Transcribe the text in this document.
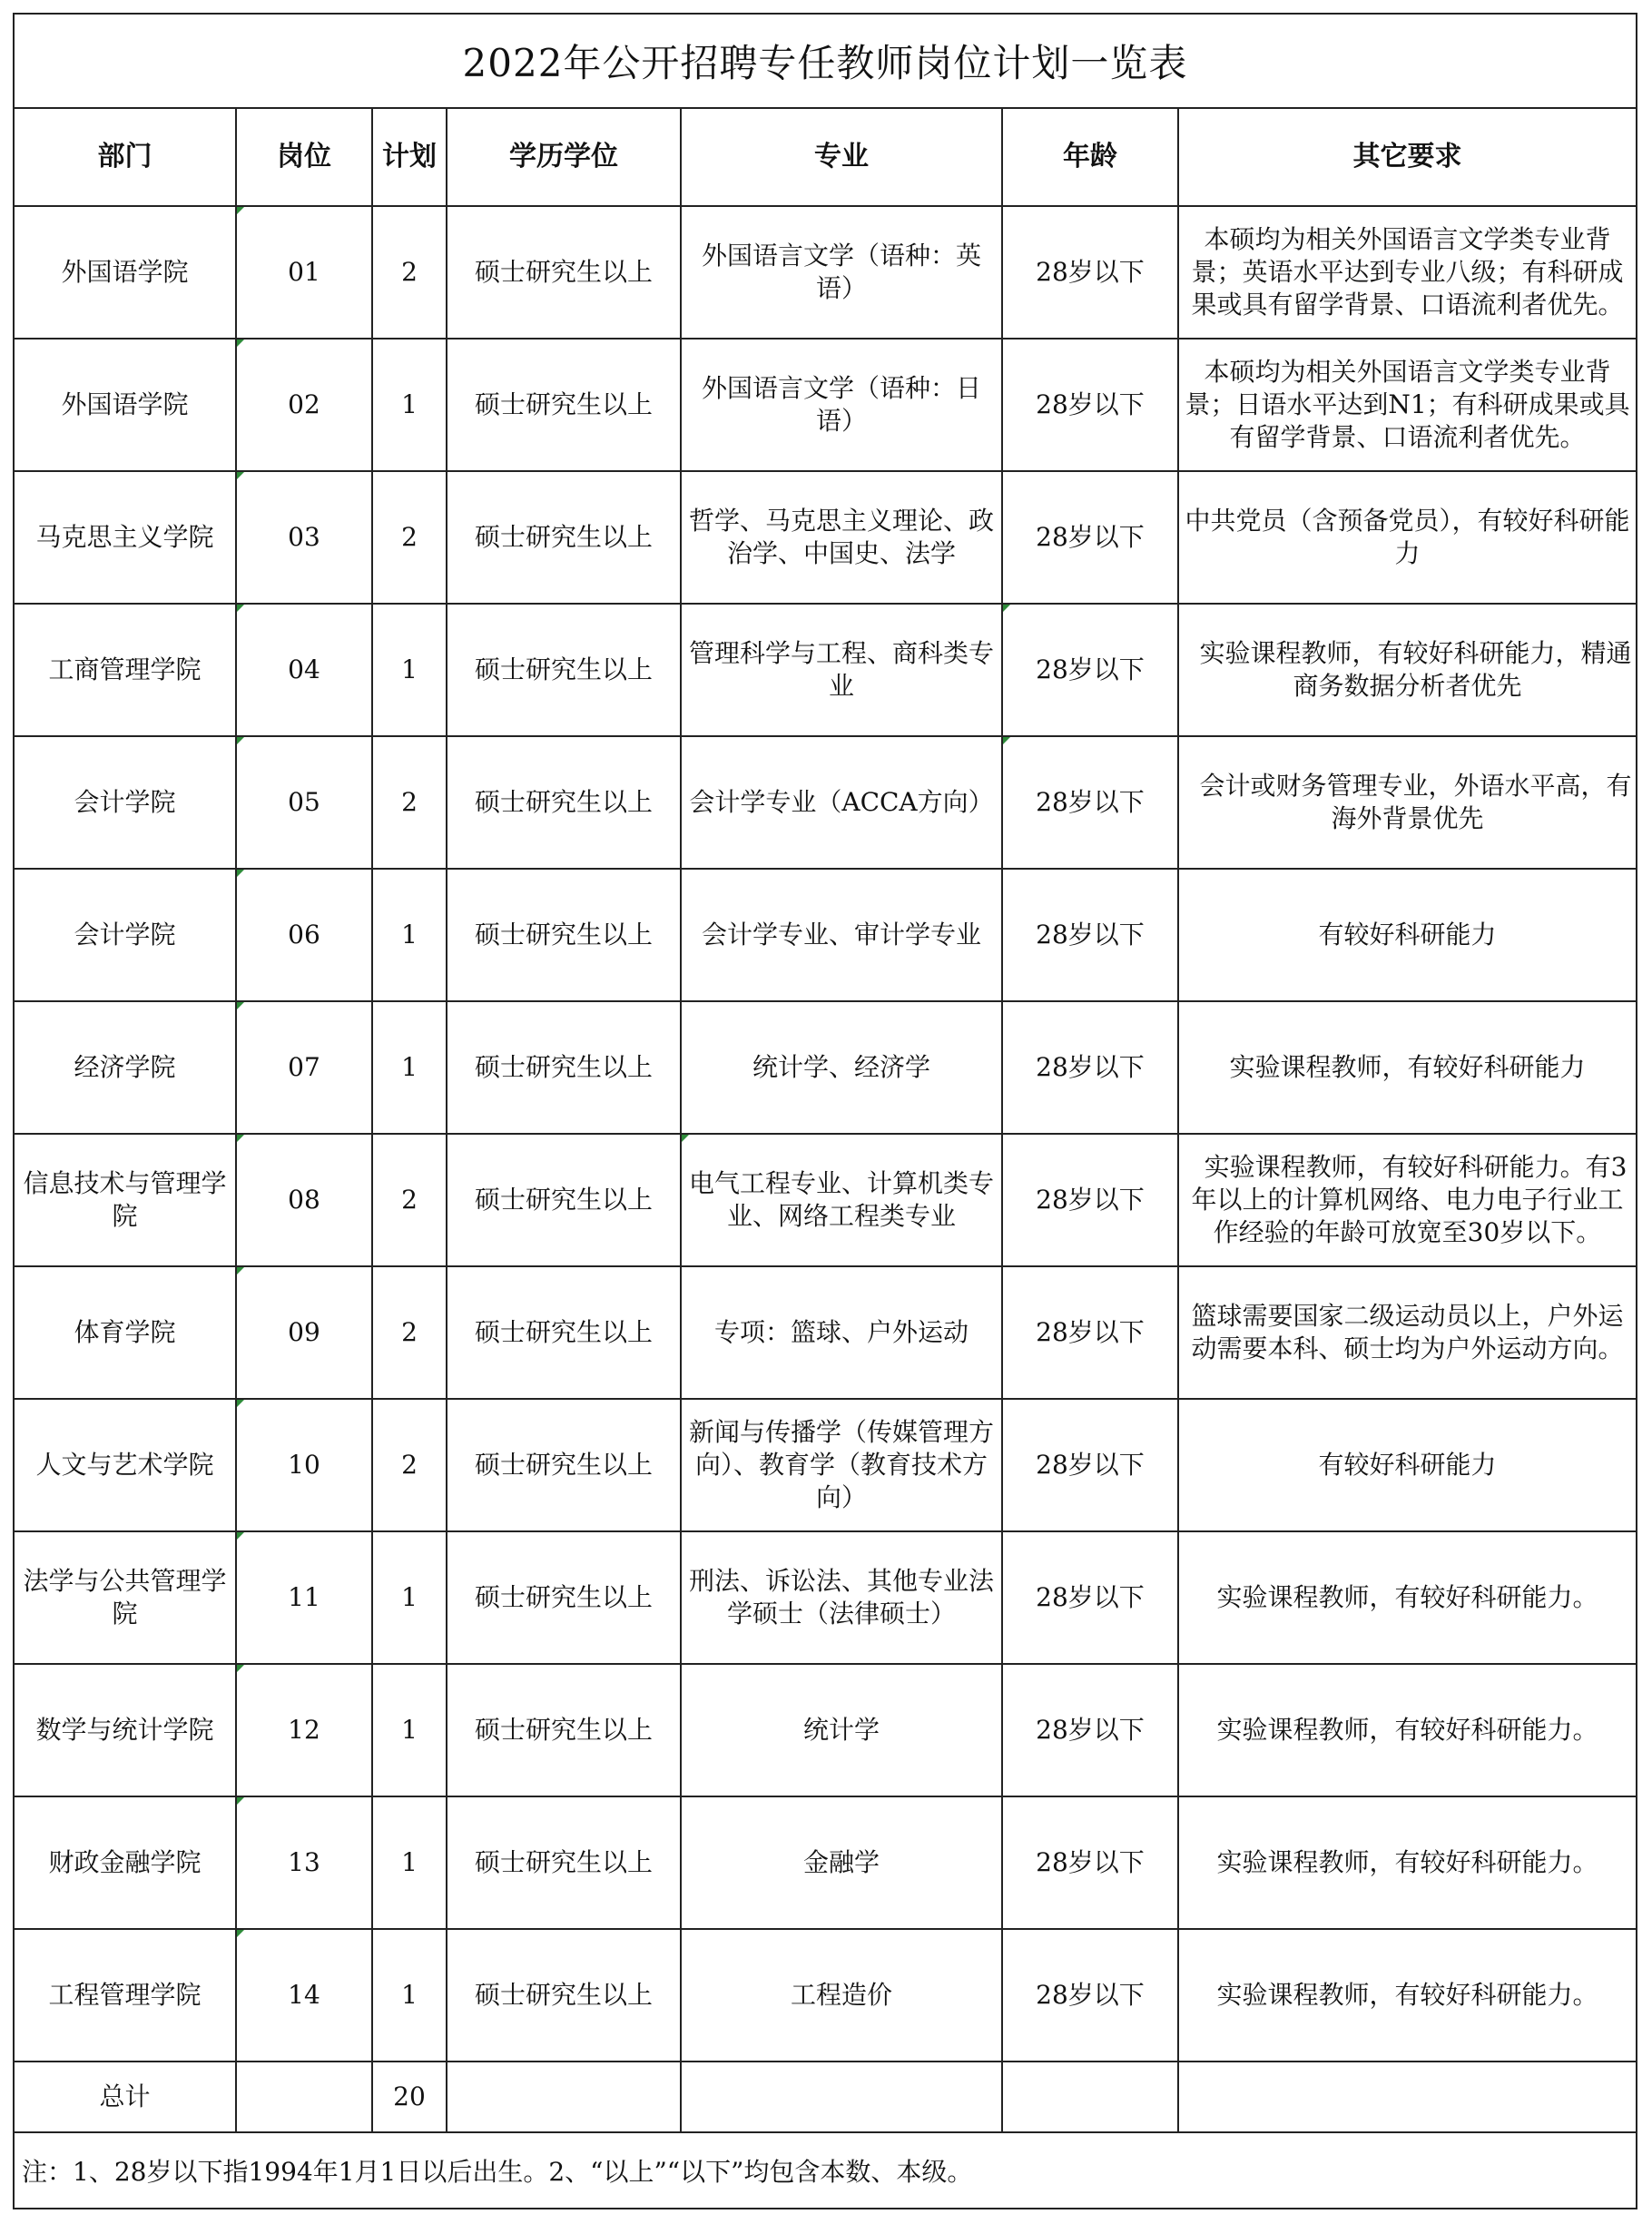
2022年公开招聘专任教师岗位计划一览表
部门	岗位	计划	学历学位	专业	年龄	其它要求
外国语学院	01	2	硕士研究生以上	外国语言文学（语种：英语）	28岁以下	本硕均为相关外国语言文学类专业背景；英语水平达到专业八级；有科研成果或具有留学背景、口语流利者优先。
外国语学院	02	1	硕士研究生以上	外国语言文学（语种：日语）	28岁以下	本硕均为相关外国语言文学类专业背景；日语水平达到N1；有科研成果或具有留学背景、口语流利者优先。
马克思主义学院	03	2	硕士研究生以上	哲学、马克思主义理论、政治学、中国史、法学	28岁以下	中共党员（含预备党员），有较好科研能力
工商管理学院	04	1	硕士研究生以上	管理科学与工程、商科类专业	28岁以下	实验课程教师，有较好科研能力，精通商务数据分析者优先
会计学院	05	2	硕士研究生以上	会计学专业（ACCA方向）	28岁以下	会计或财务管理专业，外语水平高，有海外背景优先
会计学院	06	1	硕士研究生以上	会计学专业、审计学专业	28岁以下	有较好科研能力
经济学院	07	1	硕士研究生以上	统计学、经济学	28岁以下	实验课程教师，有较好科研能力
信息技术与管理学院	08	2	硕士研究生以上	电气工程专业、计算机类专业、网络工程类专业	28岁以下	实验课程教师，有较好科研能力。有3年以上的计算机网络、电力电子行业工作经验的年龄可放宽至30岁以下。
体育学院	09	2	硕士研究生以上	专项：篮球、户外运动	28岁以下	篮球需要国家二级运动员以上，户外运动需要本科、硕士均为户外运动方向。
人文与艺术学院	10	2	硕士研究生以上	新闻与传播学（传媒管理方向）、教育学（教育技术方向）	28岁以下	有较好科研能力
法学与公共管理学院	11	1	硕士研究生以上	刑法、诉讼法、其他专业法学硕士（法律硕士）	28岁以下	实验课程教师，有较好科研能力。
数学与统计学院	12	1	硕士研究生以上	统计学	28岁以下	实验课程教师，有较好科研能力。
财政金融学院	13	1	硕士研究生以上	金融学	28岁以下	实验课程教师，有较好科研能力。
工程管理学院	14	1	硕士研究生以上	工程造价	28岁以下	实验课程教师，有较好科研能力。
总计		20				
注：1、28岁以下指1994年1月1日以后出生。2、“以上”“以下”均包含本数、本级。
